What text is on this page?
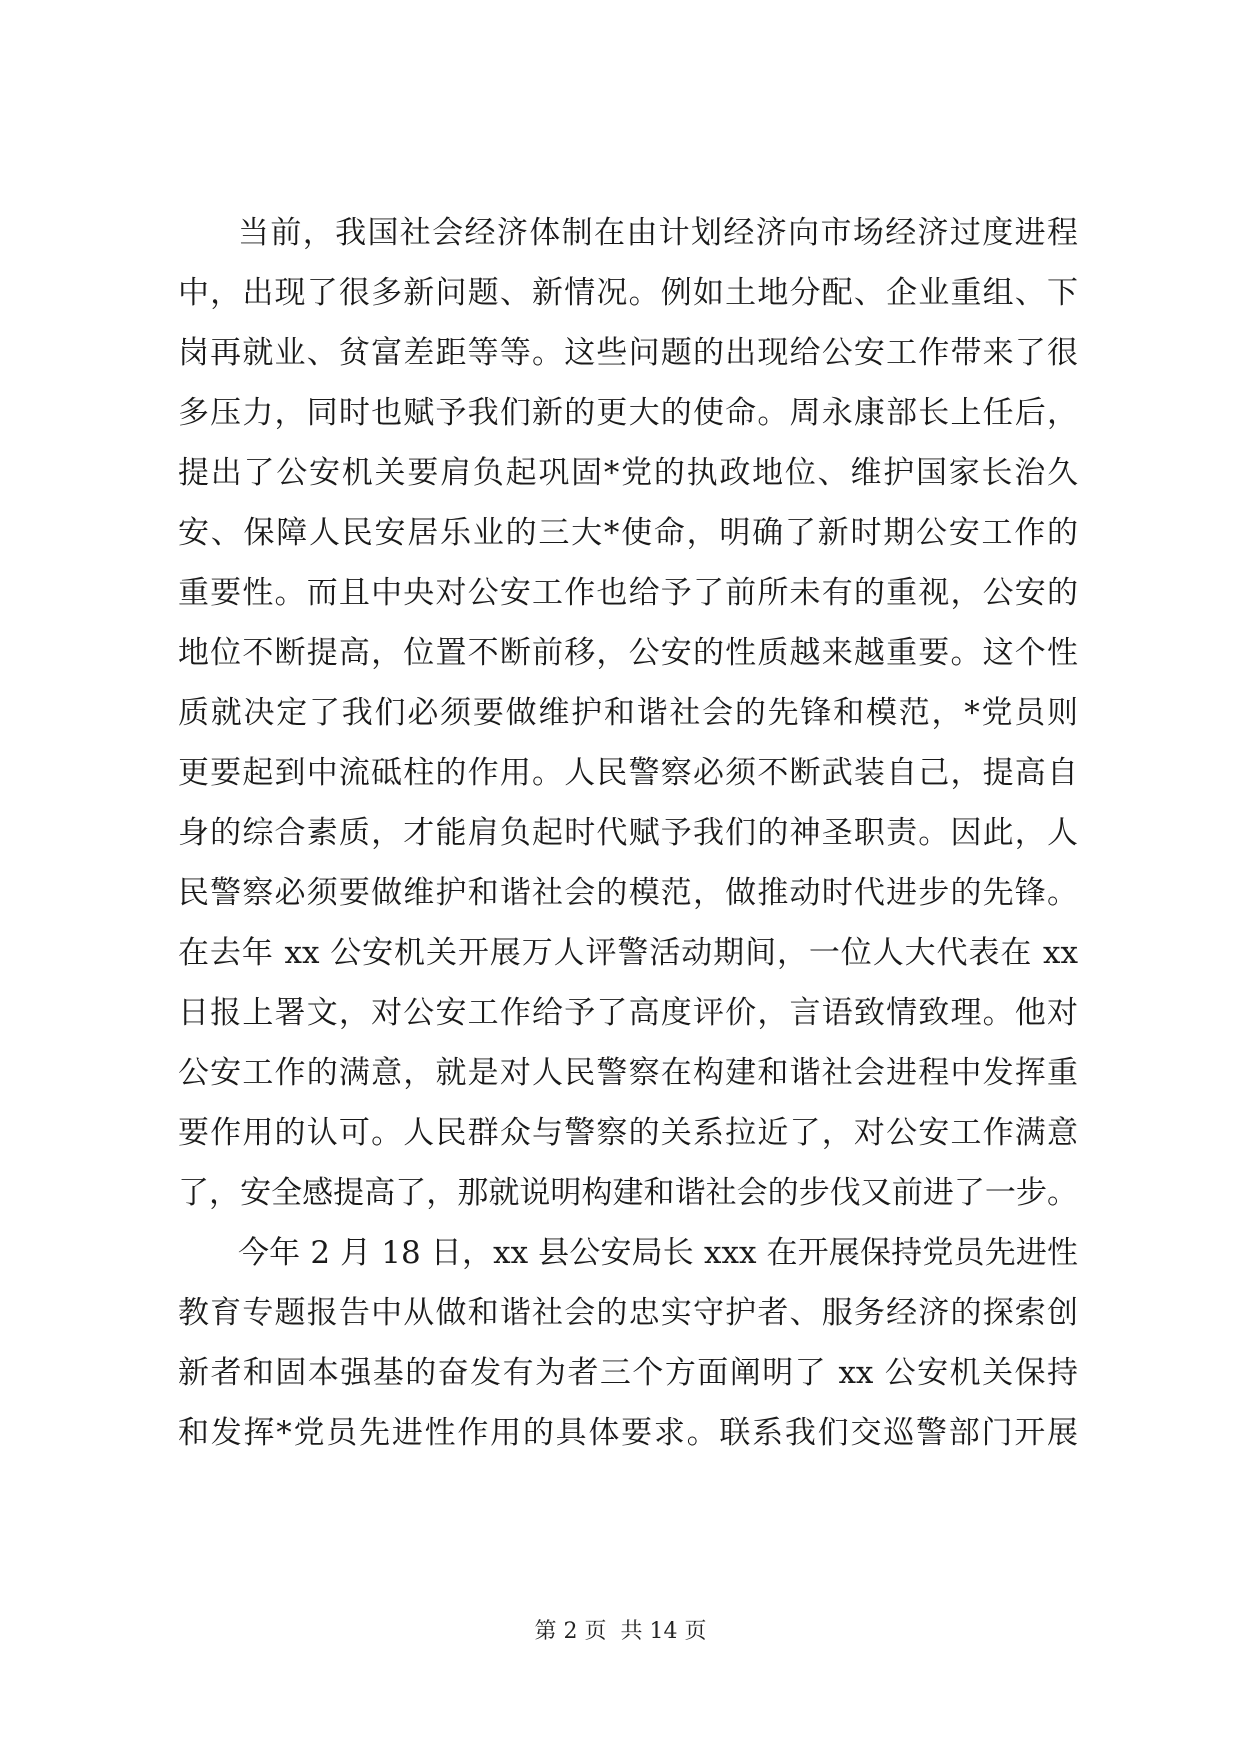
当前，我国社会经济体制在由计划经济向市场经济过度进程
中，出现了很多新问题、新情况。例如土地分配、企业重组、下
岗再就业、贫富差距等等。这些问题的出现给公安工作带来了很
多压力，同时也赋予我们新的更大的使命。周永康部长上任后，
提出了公安机关要肩负起巩固*党的执政地位、维护国家长治久
安、保障人民安居乐业的三大*使命，明确了新时期公安工作的
重要性。而且中央对公安工作也给予了前所未有的重视，公安的
地位不断提高，位置不断前移，公安的性质越来越重要。这个性
质就决定了我们必须要做维护和谐社会的先锋和模范，*党员则
更要起到中流砥柱的作用。人民警察必须不断武装自己，提高自
身的综合素质，才能肩负起时代赋予我们的神圣职责。因此，人
民警察必须要做维护和谐社会的模范，做推动时代进步的先锋。
在去年 xx 公安机关开展万人评警活动期间，一位人大代表在 xx
日报上署文，对公安工作给予了高度评价，言语致情致理。他对
公安工作的满意，就是对人民警察在构建和谐社会进程中发挥重
要作用的认可。人民群众与警察的关系拉近了，对公安工作满意
了，安全感提高了，那就说明构建和谐社会的步伐又前进了一步。
今年 2 月 18 日，xx 县公安局长 xxx 在开展保持党员先进性
教育专题报告中从做和谐社会的忠实守护者、服务经济的探索创
新者和固本强基的奋发有为者三个方面阐明了 xx 公安机关保持
和发挥*党员先进性作用的具体要求。联系我们交巡警部门开展
第 2 页 共 14 页
